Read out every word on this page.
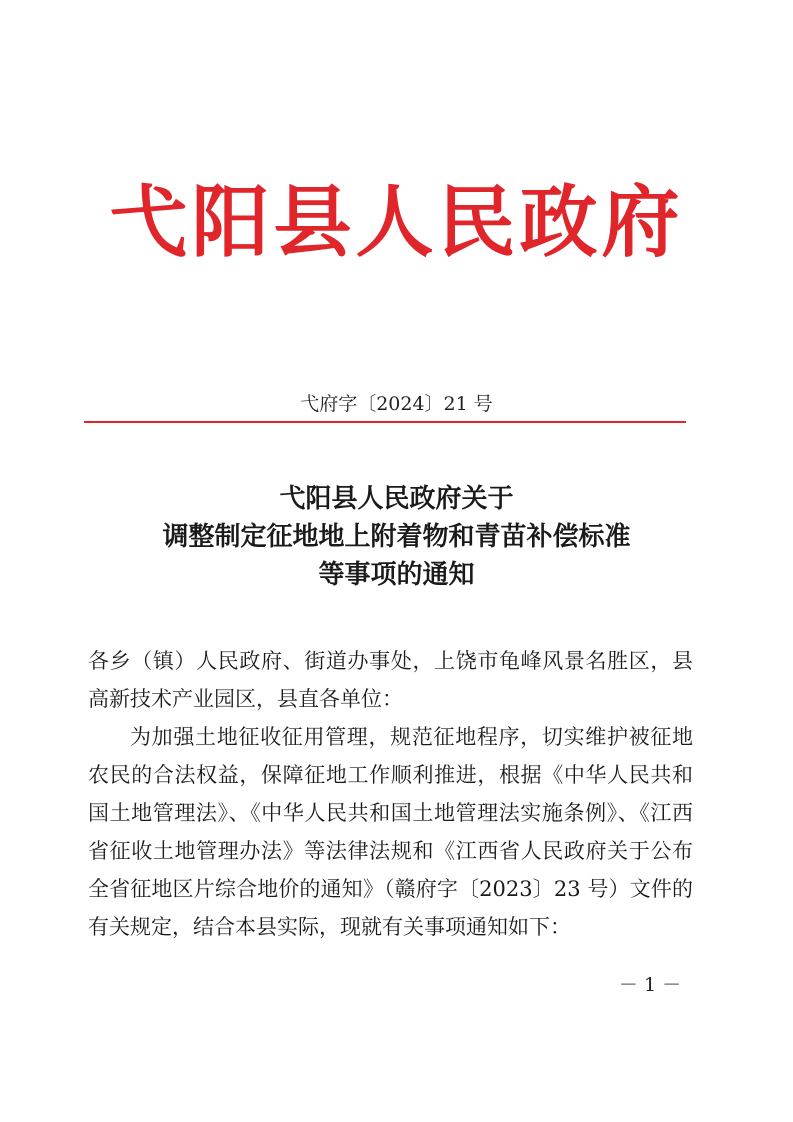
弋阳县人民政府
弋府字〔2024〕21 号
弋阳县人民政府关于
调整制定征地地上附着物和青苗补偿标准
等事项的通知

各乡（镇）人民政府、街道办事处，上饶市龟峰风景名胜区，县高新技术产业园区，县直各单位：

为加强土地征收征用管理，规范征地程序，切实维护被征地农民的合法权益，保障征地工作顺利推进，根据《中华人民共和国土地管理法》、《中华人民共和国土地管理法实施条例》、《江西省征收土地管理办法》等法律法规和《江西省人民政府关于公布全省征地区片综合地价的通知》（赣府字〔2023〕23 号）文件的有关规定，结合本县实际，现就有关事项通知如下：

－ 1 －
